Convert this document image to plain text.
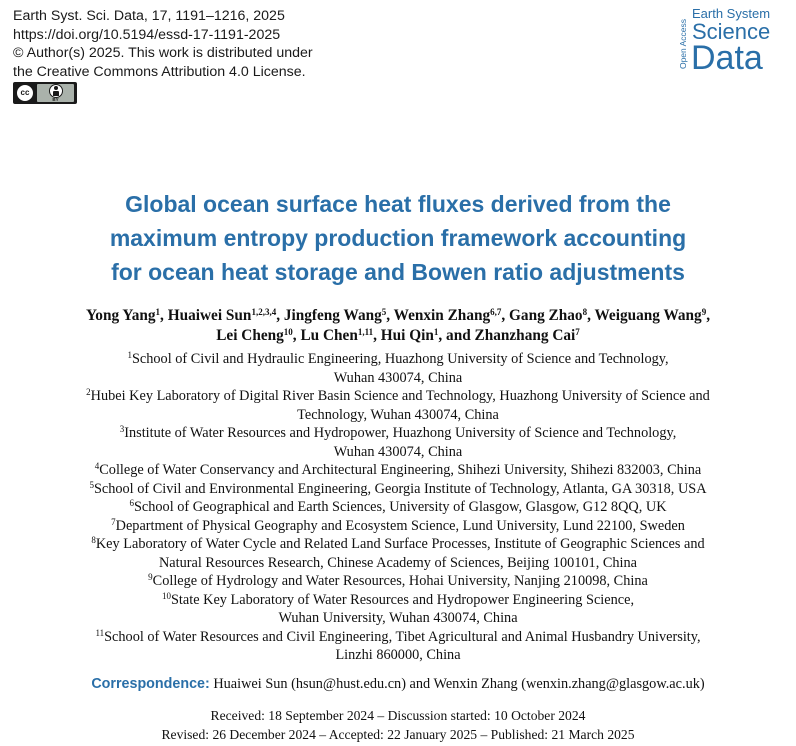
Earth Syst. Sci. Data, 17, 1191–1216, 2025
https://doi.org/10.5194/essd-17-1191-2025
© Author(s) 2025. This work is distributed under
the Creative Commons Attribution 4.0 License.
cc
BY
Open Access
Earth System
Science
Data
Global ocean surface heat fluxes derived from the
maximum entropy production framework accounting
for ocean heat storage and Bowen ratio adjustments
Yong Yang$^1$, Huaiwei Sun$^{1,2,3,4}$, Jingfeng Wang$^5$, Wenxin Zhang$^{6,7}$, Gang Zhao$^8$, Weiguang Wang$^9$,
Lei Cheng$^{10}$, Lu Chen$^{1,11}$, Hui Qin$^1$, and Zhanzhang Cai$^7$
$^1$School of Civil and Hydraulic Engineering, Huazhong University of Science and Technology,
Wuhan 430074, China
$^2$Hubei Key Laboratory of Digital River Basin Science and Technology, Huazhong University of Science and
Technology, Wuhan 430074, China
$^3$Institute of Water Resources and Hydropower, Huazhong University of Science and Technology,
Wuhan 430074, China
$^4$College of Water Conservancy and Architectural Engineering, Shihezi University, Shihezi 832003, China
$^5$School of Civil and Environmental Engineering, Georgia Institute of Technology, Atlanta, GA 30318, USA
$^6$School of Geographical and Earth Sciences, University of Glasgow, Glasgow, G12 8QQ, UK
$^7$Department of Physical Geography and Ecosystem Science, Lund University, Lund 22100, Sweden
$^8$Key Laboratory of Water Cycle and Related Land Surface Processes, Institute of Geographic Sciences and
Natural Resources Research, Chinese Academy of Sciences, Beijing 100101, China
$^9$College of Hydrology and Water Resources, Hohai University, Nanjing 210098, China
$^{10}$State Key Laboratory of Water Resources and Hydropower Engineering Science,
Wuhan University, Wuhan 430074, China
$^{11}$School of Water Resources and Civil Engineering, Tibet Agricultural and Animal Husbandry University,
Linzhi 860000, China
Correspondence: Huaiwei Sun (hsun@hust.edu.cn) and Wenxin Zhang (wenxin.zhang@glasgow.ac.uk)
Received: 18 September 2024 – Discussion started: 10 October 2024
Revised: 26 December 2024 – Accepted: 22 January 2025 – Published: 21 March 2025
